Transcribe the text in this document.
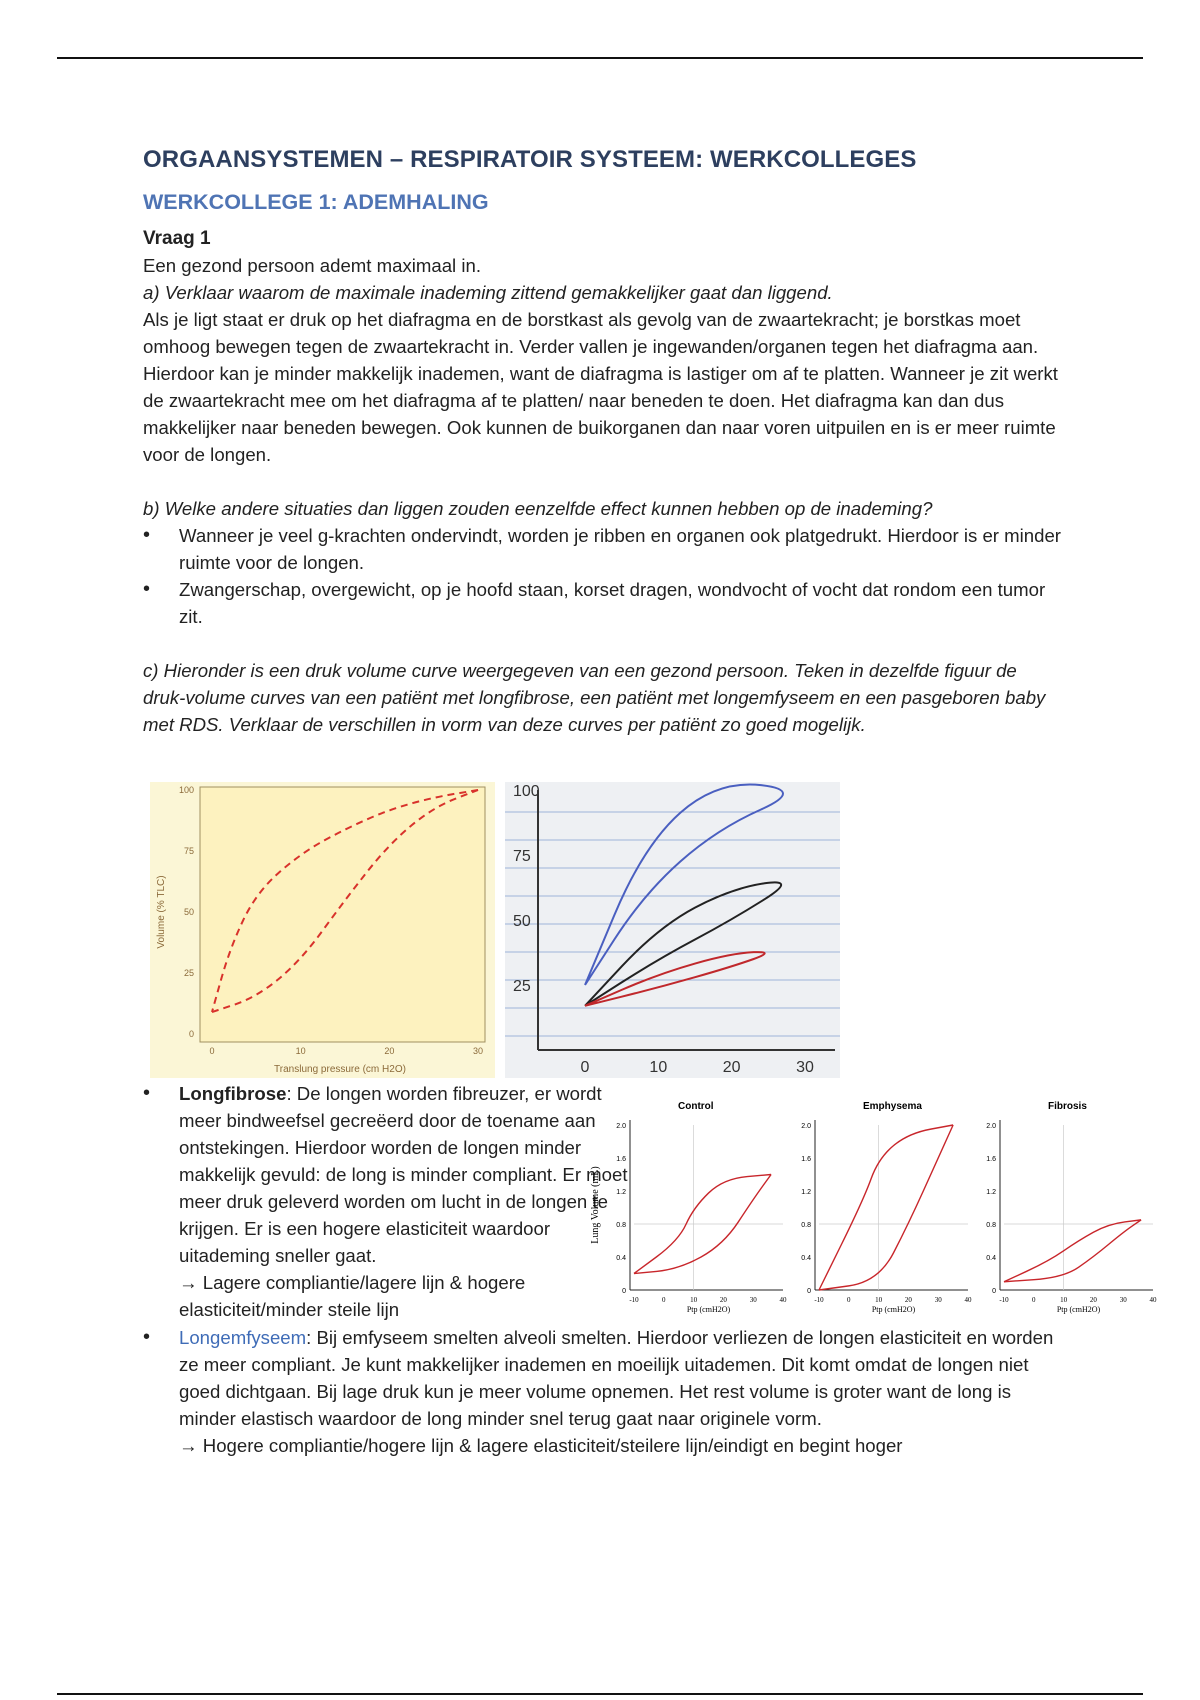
ORGAANSYSTEMEN – RESPIRATOIR SYSTEEM: WERKCOLLEGES
WERKCOLLEGE 1: ADEMHALING
Vraag 1

Een gezond persoon ademt maximaal in.

a) Verklaar waarom de maximale inademing zittend gemakkelijker gaat dan liggend.

Als je ligt staat er druk op het diafragma en de borstkast als gevolg van de zwaartekracht; je borstkas moet omhoog bewegen tegen de zwaartekracht in. Verder vallen je ingewanden/organen tegen het diafragma aan. Hierdoor kan je minder makkelijk inademen, want de diafragma is lastiger om af te platten. Wanneer je zit werkt de zwaartekracht mee om het diafragma af te platten/ naar beneden te doen. Het diafragma kan dan dus makkelijker naar beneden bewegen. Ook kunnen de buikorganen dan naar voren uitpuilen en is er meer ruimte voor de longen.

b) Welke andere situaties dan liggen zouden eenzelfde effect kunnen hebben op de inademing?

• Wanneer je veel g-krachten ondervindt, worden je ribben en organen ook platgedrukt. Hierdoor is er minder ruimte voor de longen.
• Zwangerschap, overgewicht, op je hoofd staan, korset dragen, wondvocht of vocht dat rondom een tumor zit.

c) Hieronder is een druk volume curve weergegeven van een gezond persoon. Teken in dezelfde figuur de druk-volume curves van een patiënt met longfibrose, een patiënt met longemfyseem en een pasgeboren baby met RDS. Verklaar de verschillen in vorm van deze curves per patiënt zo goed mogelijk.

Volume (% TLC)
Translung pressure (cm H2O)
0	10	20	30
0
25
50
75
100
0	10	20	30
25
50
75
100
• Longfibrose: De longen worden fibreuzer, er wordt meer bindweefsel gecreëerd door de toename aan ontstekingen. Hierdoor worden de longen minder makkelijk gevuld: de long is minder compliant. Er moet meer druk geleverd worden om lucht in de longen te krijgen. Er is een hogere elasticiteit waardoor uitademing sneller gaat.
→ Lagere compliantie/lagere lijn & hogere elasticiteit/minder steile lijn
• Longemfyseem: Bij emfyseem smelten alveoli smelten. Hierdoor verliezen de longen elasticiteit en worden ze meer compliant. Je kunt makkelijker inademen en moeilijk uitademen. Dit komt omdat de longen niet goed dichtgaan. Bij lage druk kun je meer volume opnemen. Het rest volume is groter want de long is minder elastisch waardoor de long minder snel terug gaat naar originele vorm.
→ Hogere compliantie/hogere lijn & lagere elasticiteit/steilere lijn/eindigt en begint hoger
Lung Volume (mL)
Control
0
0.4
0.8
1.2
1.6
2.0
-10	0	10	20	30	40
Ptp (cmH2O)
Emphysema
0
0.4
0.8
1.2
1.6
2.0
-10	0	10	20	30	40
Ptp (cmH2O)
Fibrosis
0
0.4
0.8
1.2
1.6
2.0
-10	0	10	20	30	40
Ptp (cmH2O)
